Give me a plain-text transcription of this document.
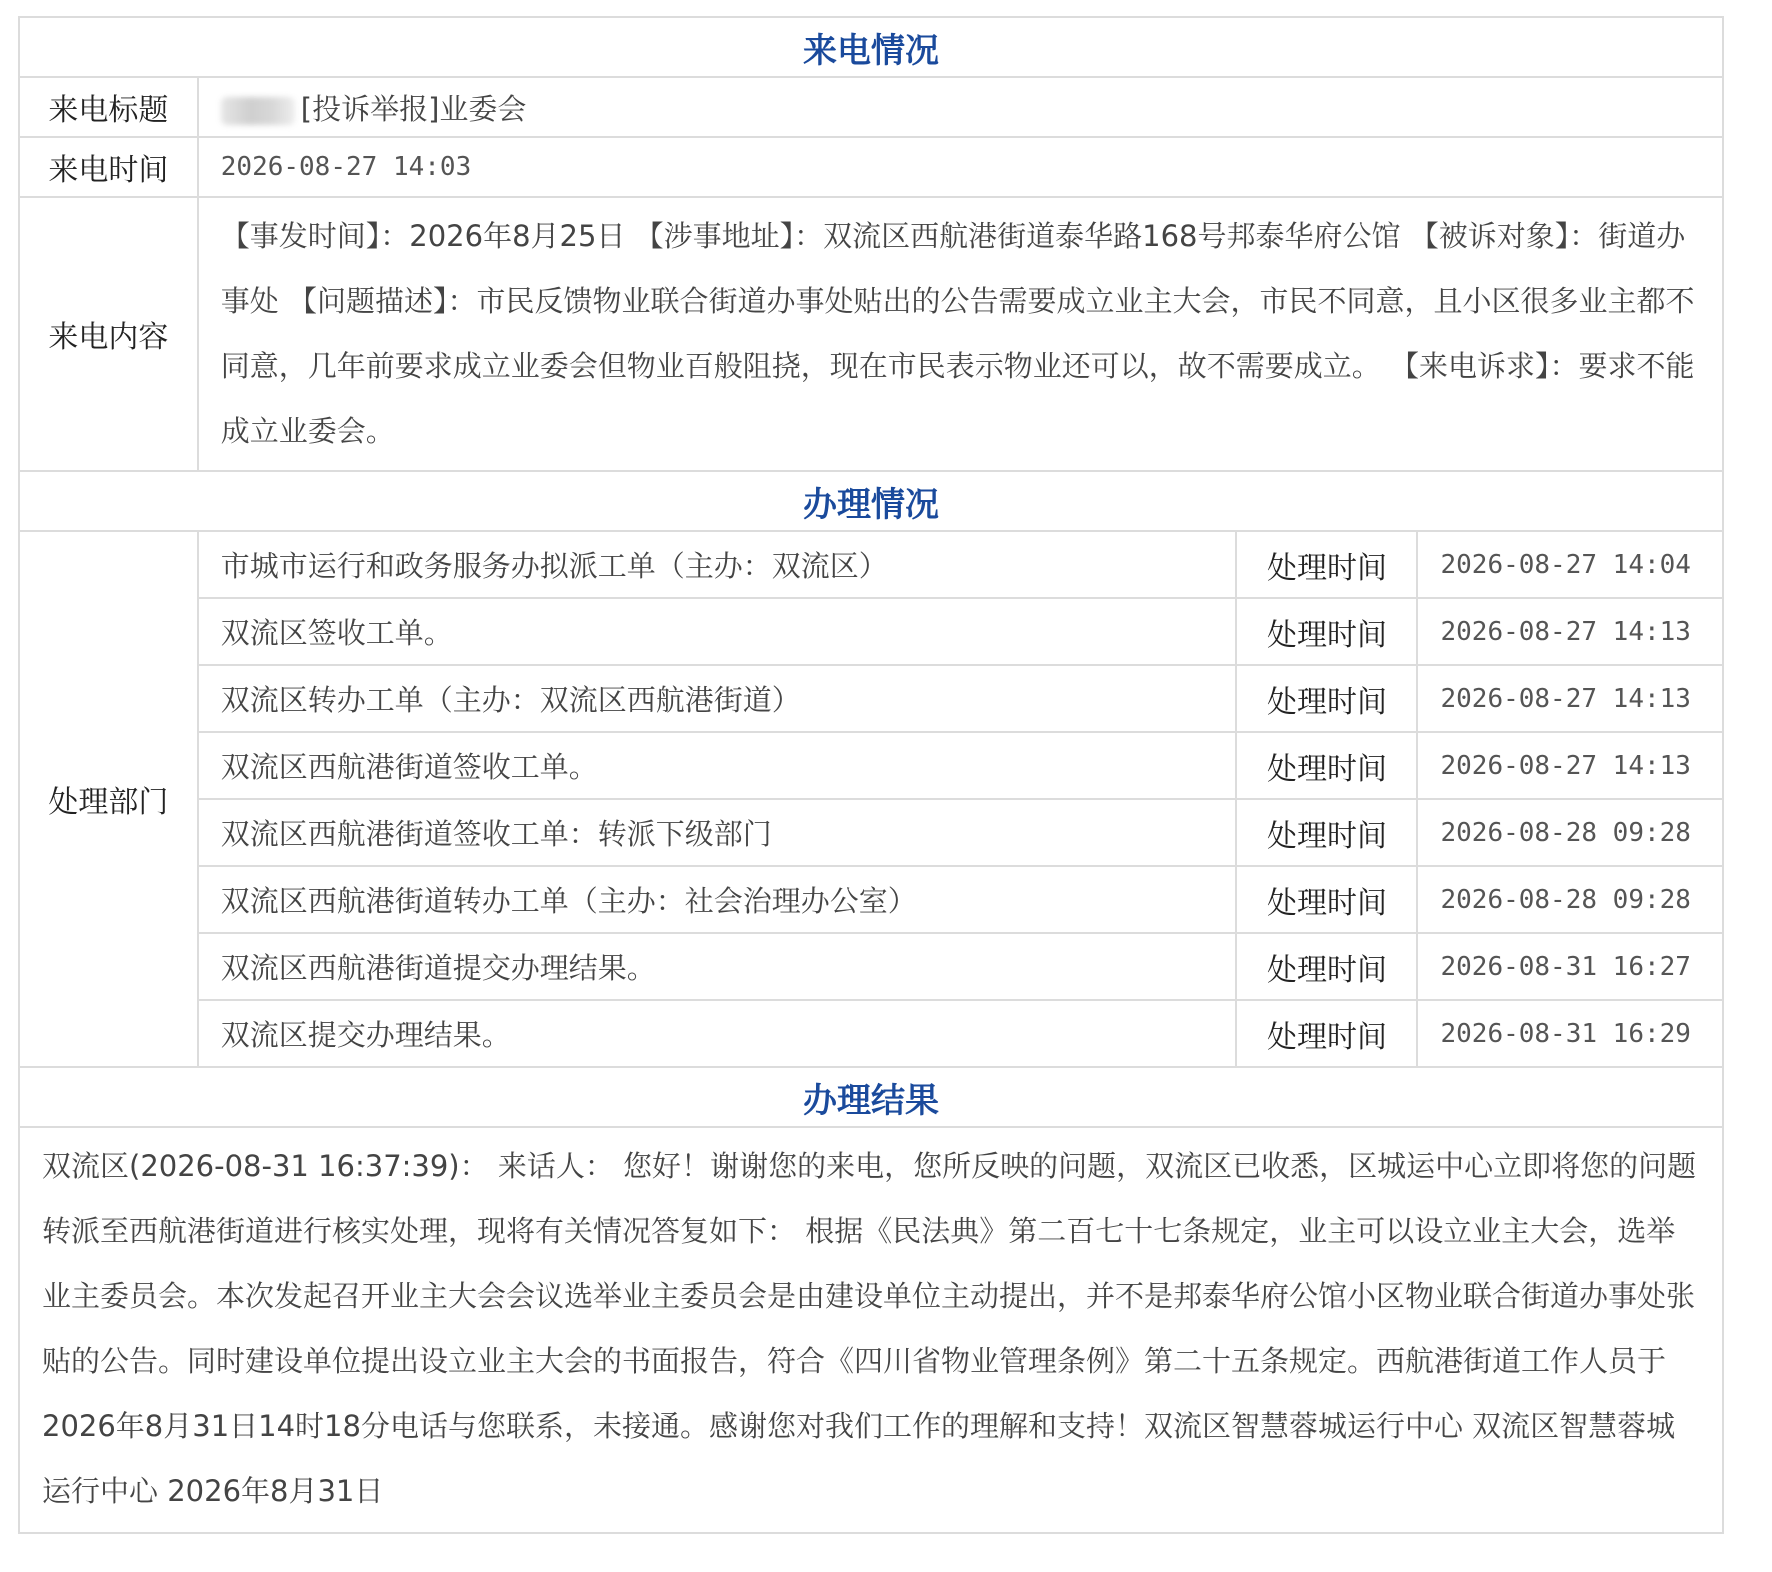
来电情况			
来电标题	[投诉举报]业委会		
来电时间	2026-08-27 14:03		
来电内容	【事发时间】：2026年8月25日 【涉事地址】：双流区西航港街道泰华路168号邦泰华府公馆 【被诉对象】：街道办事处 【问题描述】：市民反馈物业联合街道办事处贴出的公告需要成立业主大会，市民不同意，且小区很多业主都不同意，几年前要求成立业委会但物业百般阻挠，现在市民表示物业还可以，故不需要成立。 【来电诉求】：要求不能成立业委会。		
办理情况			
处理部门	市城市运行和政务服务办拟派工单（主办：双流区）	处理时间	2026-08-27 14:04
	双流区签收工单。	处理时间	2026-08-27 14:13
	双流区转办工单（主办：双流区西航港街道）	处理时间	2026-08-27 14:13
	双流区西航港街道签收工单。	处理时间	2026-08-27 14:13
	双流区西航港街道签收工单：转派下级部门	处理时间	2026-08-28 09:28
	双流区西航港街道转办工单（主办：社会治理办公室）	处理时间	2026-08-28 09:28
	双流区西航港街道提交办理结果。	处理时间	2026-08-31 16:27
	双流区提交办理结果。	处理时间	2026-08-31 16:29
办理结果			
双流区(2026-08-31 16:37:39)： 来话人： 您好！谢谢您的来电，您所反映的问题，双流区已收悉，区城运中心立即将您的问题转派至西航港街道进行核实处理，现将有关情况答复如下： 根据《民法典》第二百七十七条规定，业主可以设立业主大会，选举业主委员会。本次发起召开业主大会会议选举业主委员会是由建设单位主动提出，并不是邦泰华府公馆小区物业联合街道办事处张贴的公告。同时建设单位提出设立业主大会的书面报告，符合《四川省物业管理条例》第二十五条规定。西航港街道工作人员于2026年8月31日14时18分电话与您联系，未接通。感谢您对我们工作的理解和支持！双流区智慧蓉城运行中心 双流区智慧蓉城运行中心 2026年8月31日			
